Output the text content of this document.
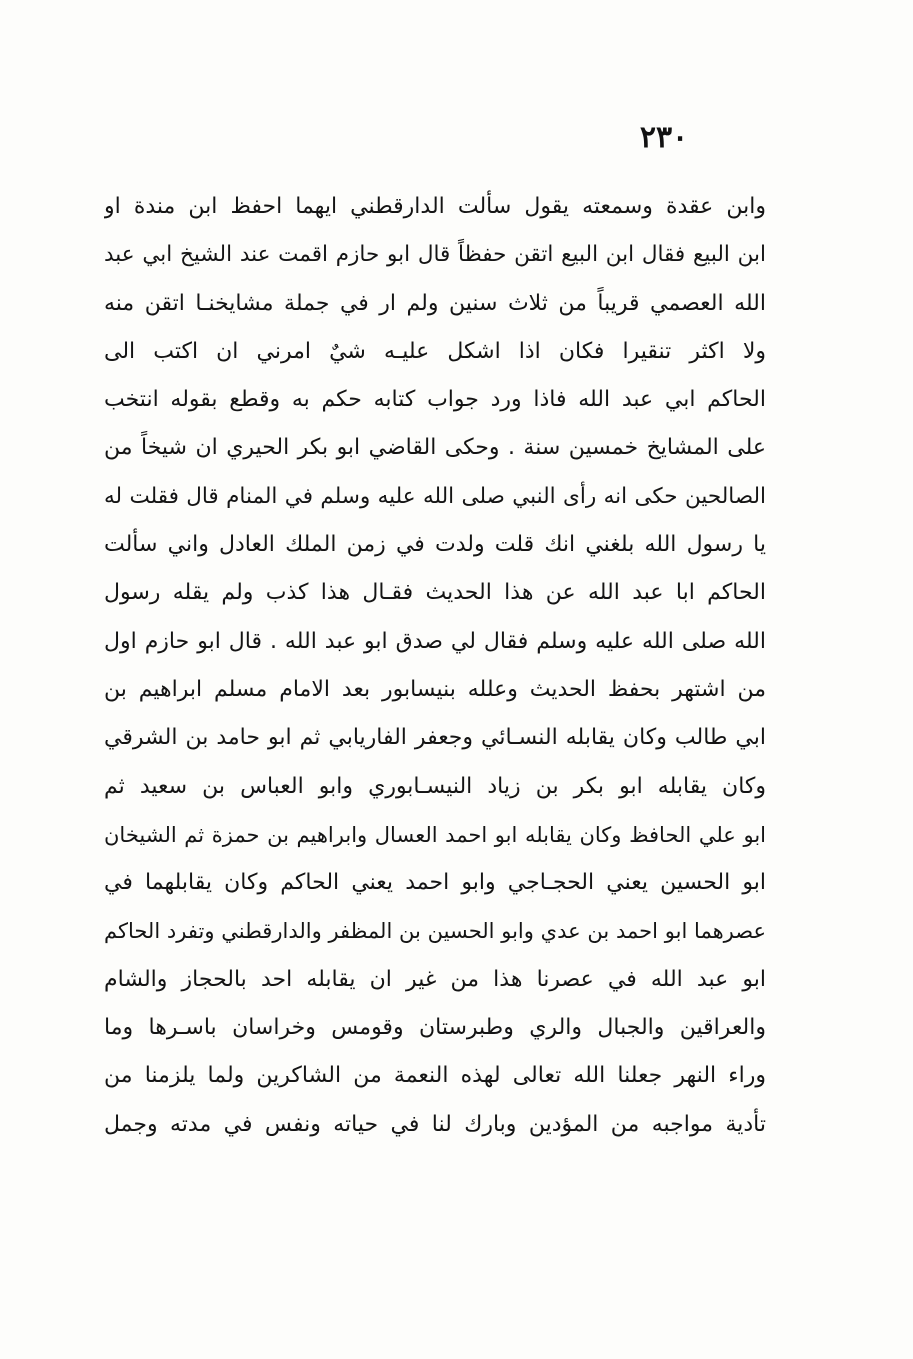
٢٣٠
وابن عقدة وسمعته يقول سألت الدارقطني ايهما احفظ ابن مندة او
ابن البيع فقال ابن البيع اتقن حفظاً قال ابو حازم اقمت عند الشيخ ابي عبد
الله العصمي قريباً من ثلاث سنين ولم ار في جملة مشايخنـا اتقن منه
ولا اكثر تنقيرا فكان اذا اشكل عليـه شيٌ امرني ان اكتب الى
الحاكم ابي عبد الله فاذا ورد جواب كتابه حكم به وقطع بقوله انتخب
على المشايخ خمسين سنة . وحكى القاضي ابو بكر الحيري ان شيخاً من
الصالحين حكى انه رأى النبي صلى الله عليه وسلم في المنام قال فقلت له
يا رسول الله بلغني انك قلت ولدت في زمن الملك العادل واني سألت
الحاكم ابا عبد الله عن هذا الحديث فقـال هذا كذب ولم يقله رسول
الله صلى الله عليه وسلم فقال لي صدق ابو عبد الله . قال ابو حازم اول
من اشتهر بحفظ الحديث وعلله بنيسابور بعد الامام مسلم ابراهيم بن
ابي طالب وكان يقابله النسـائي وجعفر الفاريابي ثم ابو حامد بن الشرقي
وكان يقابله ابو بكر بن زياد النيسـابوري وابو العباس بن سعيد ثم
ابو علي الحافظ وكان يقابله ابو احمد العسال وابراهيم بن حمزة ثم الشيخان
ابو الحسين يعني الحجـاجي وابو احمد يعني الحاكم وكان يقابلهما في
عصرهما ابو احمد بن عدي وابو الحسين بن المظفر والدارقطني وتفرد الحاكم
ابو عبد الله في عصرنا هذا من غير ان يقابله احد بالحجاز والشام
والعراقين والجبال والري وطبرستان وقومس وخراسان باسـرها وما
وراء النهر جعلنا الله تعالى لهذه النعمة من الشاكرين ولما يلزمنا من
تأدية مواجبه من المؤدين وبارك لنا في حياته ونفس في مدته وجمل
